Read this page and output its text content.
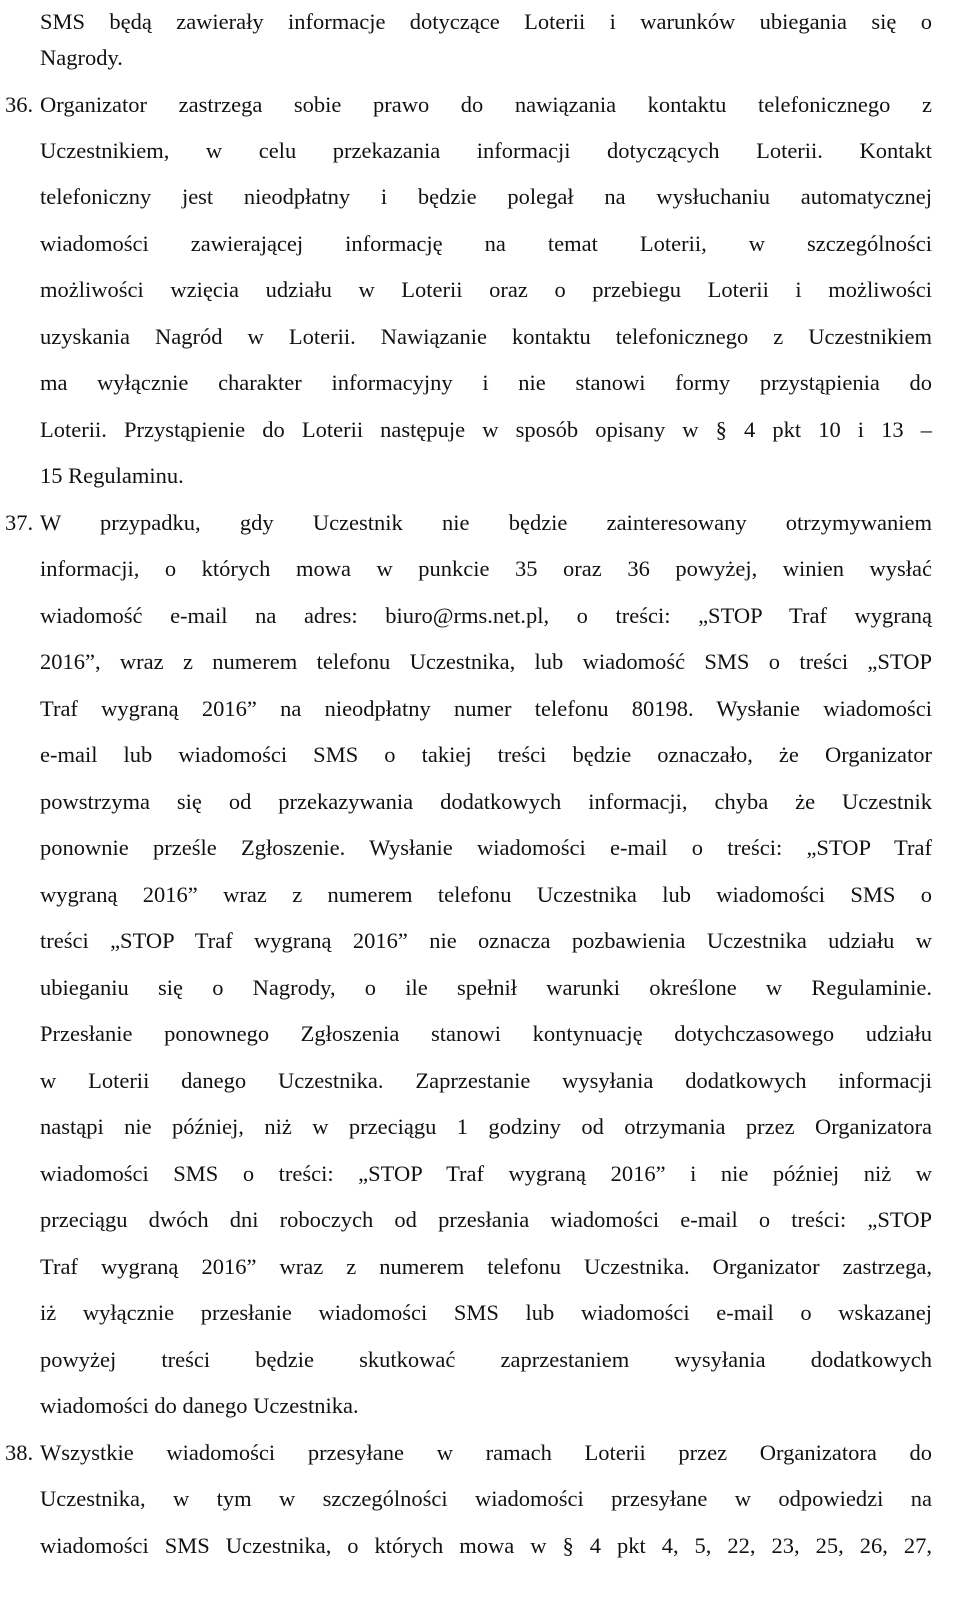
SMS będą zawierały informacje dotyczące Loterii i warunków ubiegania się o
Nagrody.
36. Organizator zastrzega sobie prawo do nawiązania kontaktu telefonicznego z
Uczestnikiem, w celu przekazania informacji dotyczących Loterii. Kontakt
telefoniczny jest nieodpłatny i będzie polegał na wysłuchaniu automatycznej
wiadomości zawierającej informację na temat Loterii, w szczególności
możliwości wzięcia udziału w Loterii oraz o przebiegu Loterii i możliwości
uzyskania Nagród w Loterii. Nawiązanie kontaktu telefonicznego z Uczestnikiem
ma wyłącznie charakter informacyjny i nie stanowi formy przystąpienia do
Loterii. Przystąpienie do Loterii następuje w sposób opisany w § 4 pkt 10 i 13 –
15 Regulaminu.
37. W przypadku, gdy Uczestnik nie będzie zainteresowany otrzymywaniem
informacji, o których mowa w punkcie 35 oraz 36 powyżej, winien wysłać
wiadomość e-mail na adres: biuro@rms.net.pl, o treści: „STOP Traf wygraną
2016”, wraz z numerem telefonu Uczestnika, lub wiadomość SMS o treści „STOP
Traf wygraną 2016” na nieodpłatny numer telefonu 80198. Wysłanie wiadomości
e-mail lub wiadomości SMS o takiej treści będzie oznaczało, że Organizator
powstrzyma się od przekazywania dodatkowych informacji, chyba że Uczestnik
ponownie prześle Zgłoszenie. Wysłanie wiadomości e-mail o treści: „STOP Traf
wygraną 2016” wraz z numerem telefonu Uczestnika lub wiadomości SMS o
treści „STOP Traf wygraną 2016” nie oznacza pozbawienia Uczestnika udziału w
ubieganiu się o Nagrody, o ile spełnił warunki określone w Regulaminie.
Przesłanie ponownego Zgłoszenia stanowi kontynuację dotychczasowego udziału
w Loterii danego Uczestnika. Zaprzestanie wysyłania dodatkowych informacji
nastąpi nie później, niż w przeciągu 1 godziny od otrzymania przez Organizatora
wiadomości SMS o treści: „STOP Traf wygraną 2016” i nie później niż w
przeciągu dwóch dni roboczych od przesłania wiadomości e-mail o treści: „STOP
Traf wygraną 2016” wraz z numerem telefonu Uczestnika. Organizator zastrzega,
iż wyłącznie przesłanie wiadomości SMS lub wiadomości e-mail o wskazanej
powyżej treści będzie skutkować zaprzestaniem wysyłania dodatkowych
wiadomości do danego Uczestnika.
38. Wszystkie wiadomości przesyłane w ramach Loterii przez Organizatora do
Uczestnika, w tym w szczególności wiadomości przesyłane w odpowiedzi na
wiadomości SMS Uczestnika, o których mowa w § 4 pkt 4, 5, 22, 23, 25, 26, 27,
